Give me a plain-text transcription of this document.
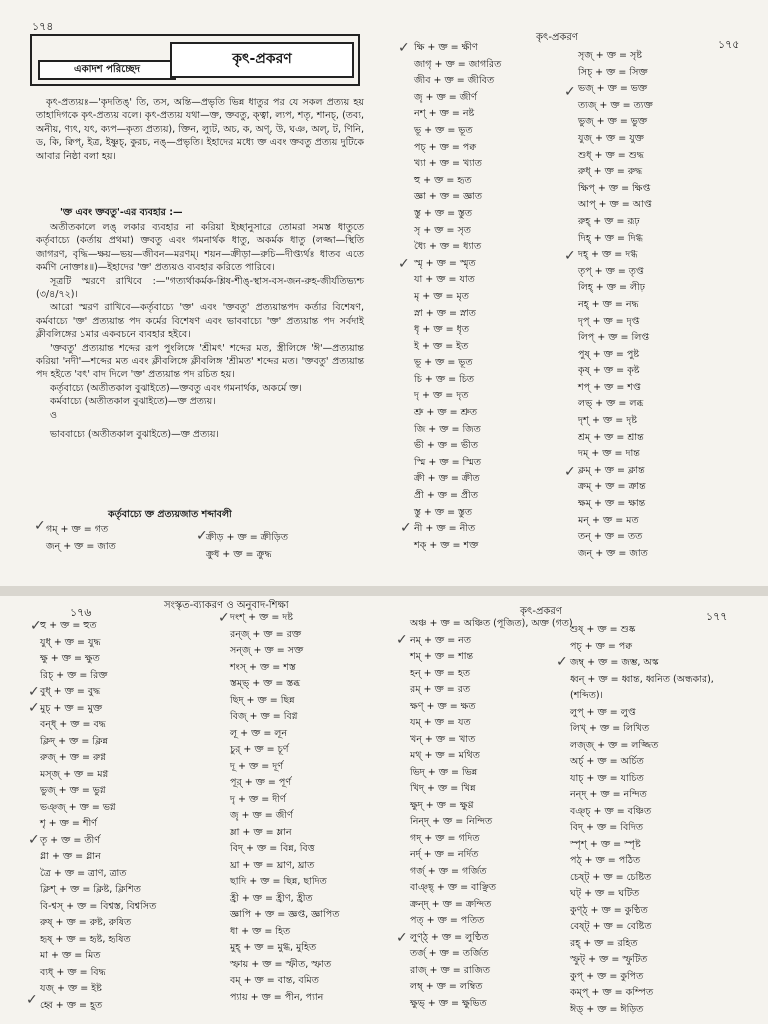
১৭৪
একাদশ পরিচ্ছেদ
কৃৎ-প্রকরণ

কৃৎ-প্রত্যয়ঃ—'কৃদতিঙ্' তি, তস, অন্তি—প্রভৃতি ভিন্ন ধাতুর পর যে সকল প্রত্যয় হয় তাহাদিগকে কৃৎ-প্রত্যয় বলে। কৃৎ-প্রত্যয় যথা—ক্ত, ক্তবতু, ক্ত্বা, ল্যপ, শতৃ, শানচ্, (তব্য, অনীয়, ণ্যৎ, যৎ, ক্যপ—কৃত্য প্রত্যয়), ক্তিন, ল্যুট, অচ, ক, অণ্, উ, ঘঞ, অল্, ট, ণিনি, ড, কি, ক্বিপ্, ইত্র, ইষ্ণুচ্, কুরচ, নঙ্—প্রভৃতি। ইহাদের মধ্যে ক্ত এবং ক্তবতু প্রত্যয় দুটিকে আবার নিষ্ঠা বলা হয়।

'ক্ত এবং ক্তবতু'-এর ব্যবহার :—

অতীতকালে লঙ্ লকার ব্যবহার না করিয়া ইচ্ছানুসারে তোমরা সমস্ত ধাতুতে কর্তৃবাচ্যে (কর্তায় প্রথমা) ক্তবতু এবং গমনার্থক ধাতু, অকর্মক ধাতু (লজ্জা—স্থিতি জাগরণ, বৃদ্ধি—ক্ষয়—ভয়—জীবন—মরণম্। শয়ন—ক্রীড়া—রুচি—দীপ্ত্যর্থঃ ধাতব এতে কর্মণি নোক্তাঃ॥)—ইহাদের 'ক্ত' প্রত্যয়ও ব্যবহার করিতে পারিবে।

সূত্রটি স্মরণে রাখিবে :—"গত্যর্থাকর্মক-শ্লিষ-শীঙ্-স্থাস-বস-জন-রুহ-জীর্যতিভ্যশ্চ (৩/৪/৭২)।

আরো স্মরণ রাখিবে—কর্তৃবাচ্যে 'ক্ত' এবং 'ক্তবতু' প্রত্যয়ান্তপদ কর্তার বিশেষণ, কর্মবাচ্যে 'ক্ত' প্রত্যয়ান্ত পদ কর্মের বিশেষণ এবং ভাববাচ্যে 'ক্ত' প্রত্যয়ান্ত পদ সর্বদাই ক্লীবলিঙ্গের ১মার একবচনে ব্যবহার হইবে।

'ক্তবতু' প্রত্যয়ান্ত শব্দের রূপ পুংলিঙ্গে 'শ্রীমৎ' শব্দের মত, স্ত্রীলিঙ্গে 'ঈ'—প্রত্যয়ান্ত করিয়া 'নদী'—শব্দের মত এবং ক্লীবলিঙ্গে ক্লীবলিঙ্গ 'শ্রীমত' শব্দের মত। 'ক্তবতু' প্রত্যয়ান্ত পদ হইতে 'বৎ' বাদ দিলে 'ক্ত' প্রত্যয়ান্ত পদ রচিত হয়।

কর্তৃবাচ্যে (অতীতকাল বুঝাইতে)—ক্তবতু এবং গমনার্থক, অকর্মে ক্ত।

কর্মবাচ্যে (অতীতকাল বুঝাইতে)—ক্ত প্রত্যয়।

ও

ভাববাচ্যে (অতীতকাল বুঝাইতে)—ক্ত প্রত্যয়।

কর্তৃবাচ্যে ক্ত প্রত্যয়জাত শব্দাবলী
গম্ + ক্ত = গত
জন্ + ক্ত = জাত
ক্রীড় + ক্ত = ক্রীড়িত
ক্রুধ + ক্ত = ক্রুদ্ধ
✓
✓
কৃৎ-প্রকরণ
১৭৫
ক্ষি + ক্ত = ক্ষীণ
জাগৃ + ক্ত = জাগরিত
জীব + ক্ত = জীবিত
জৄ + ক্ত = জীর্ণ
নশ্ + ক্ত = নষ্ট
ভূ + ক্ত = ভূত
পচ্ + ক্ত = পক্ব
খ্যা + ক্ত = খ্যাত
হু + ক্ত = হৃত
জ্ঞা + ক্ত = জ্ঞাত
স্তু + ক্ত = স্তুত
সৃ + ক্ত = সৃত
ধ্যৈ + ক্ত = ধ্যাত
স্মৃ + ক্ত = স্মৃত
যা + ক্ত = যাত
মৃ + ক্ত = মৃত
স্না + ক্ত = স্নাত
ধৃ + ক্ত = ধৃত
ই + ক্ত = ইত
ভূ + ক্ত = ভূত
চি + ক্ত = চিত
দৃ + ক্ত = দৃত
শ্রু + ক্ত = শ্রুত
জি + ক্ত = জিত
ভী + ক্ত = ভীত
স্মি + ক্ত = স্মিত
ক্রী + ক্ত = ক্রীত
প্রী + ক্ত = প্রীত
স্তু + ক্ত = স্তুত
নী + ক্ত = নীত
শক্ + ক্ত = শক্ত
সৃজ্ + ক্ত = সৃষ্ট
সিচ্ + ক্ত = সিক্ত
ভজ্ + ক্ত = ভক্ত
ত্যজ্ + ক্ত = ত্যক্ত
ভুজ্ + ক্ত = ভুক্ত
যুজ্ + ক্ত = যুক্ত
শুধ্ + ক্ত = শুদ্ধ
রুধ্ + ক্ত = রুদ্ধ
ক্ষিপ্ + ক্ত = ক্ষিপ্ত
আপ্ + ক্ত = আপ্ত
রুহ্ + ক্ত = রূঢ়
দিহ্ + ক্ত = দিগ্ধ
দহ্ + ক্ত = দগ্ধ
তৃপ্ + ক্ত = তৃপ্ত
লিহ্ + ক্ত = লীঢ়
নহ্ + ক্ত = নদ্ধ
দৃপ্ + ক্ত = দৃপ্ত
লিপ্ + ক্ত = লিপ্ত
পুষ্ + ক্ত = পুষ্ট
কৃষ্ + ক্ত = কৃষ্ট
শপ্ + ক্ত = শপ্ত
লভ্ + ক্ত = লব্ধ
দৃশ্ + ক্ত = দৃষ্ট
শ্রম্ + ক্ত = শ্রান্ত
দম্ + ক্ত = দান্ত
ক্লম্ + ক্ত = ক্লান্ত
ক্রম্ + ক্ত = ক্রান্ত
ক্ষম্ + ক্ত = ক্ষান্ত
মন্ + ক্ত = মত
তন্ + ক্ত = তত
জন্ + ক্ত = জাত
✓
✓
✓
✓
✓
✓
১৭৬
সংস্কৃত-ব্যাকরণ ও অনুবাদ-শিক্ষা
হু + ক্ত = হুত
যুধ্ + ক্ত = যুদ্ধ
ক্ষু + ক্ত = ক্ষুত
রিচ্ + ক্ত = রিক্ত
বুধ্ + ক্ত = বুদ্ধ
মুচ্ + ক্ত = মুক্ত
বন্ধ্ + ক্ত = বদ্ধ
ক্লিদ্ + ক্ত = ক্লিন্ন
রুজ্ + ক্ত = রুগ্ন
মস্জ্ + ক্ত = মগ্ন
ভুজ্ + ক্ত = ভুগ্ন
ভঞ্জ্ + ক্ত = ভগ্ন
শৄ + ক্ত = শীর্ণ
তৄ + ক্ত = তীর্ণ
গ্লা + ক্ত = গ্লান
ত্রৈ + ক্ত = ত্রাণ, ত্রাত
ক্লিশ্ + ক্ত = ক্লিষ্ট, ক্লিশিত
বি-শ্বস্ + ক্ত = বিশ্বস্ত, বিশ্বসিত
রুষ্ + ক্ত = রুষ্ট, রুষিত
হৃষ্ + ক্ত = হৃষ্ট, হৃষিত
মা + ক্ত = মিত
ব্যধ্ + ক্ত = বিদ্ধ
যজ্ + ক্ত = ইষ্ট
হ্বে + ক্ত = হূত
দংশ্ + ক্ত = দষ্ট
রন্জ্ + ক্ত = রক্ত
সন্জ্ + ক্ত = সক্ত
শংস্ + ক্ত = শস্ত
স্তম্ভ্ + ক্ত = স্তব্ধ
ছিদ্ + ক্ত = ছিন্ন
বিজ্ + ক্ত = বিগ্ন
লূ + ক্ত = লূন
চুর্ + ক্ত = চূর্ণ
দূ + ক্ত = দূর্ণ
পূর্ + ক্ত = পূর্ণ
দৄ + ক্ত = দীর্ণ
জৄ + ক্ত = জীর্ণ
ম্লা + ক্ত = ম্লান
বিদ্ + ক্ত = বিন্ন, বিত্ত
ঘ্রা + ক্ত = ঘ্রাণ, ঘ্রাত
ছাদি + ক্ত = ছিন্ন, ছাদিত
হ্রী + ক্ত = হ্রীণ, হ্রীত
জ্ঞাপি + ক্ত = জ্ঞপ্ত, জ্ঞাপিত
ধা + ক্ত = হিত
মুহ্ + ক্ত = মুগ্ধ, মুহিত
স্ফায় + ক্ত = স্ফীত, স্ফাত
বম্ + ক্ত = বান্ত, বমিত
প্যায় + ক্ত = পীন, প্যান
✓
✓
✓
✓
✓
✓	কৃৎ-প্রকরণ	১৭৭
অঞ্চ + ক্ত = অঞ্চিত (পূজিত), অক্ত (গত)
নম্ + ক্ত = নত
শম্ + ক্ত = শান্ত
হন্ + ক্ত = হত
রম্ + ক্ত = রত
ক্ষণ্ + ক্ত = ক্ষত
যম্ + ক্ত = যত
খন্ + ক্ত = খাত
মথ্ + ক্ত = মথিত
ভিদ্ + ক্ত = ভিন্ন
খিদ্ + ক্ত = খিন্ন
ক্ষুদ্ + ক্ত = ক্ষুণ্ণ
নিন্দ্ + ক্ত = নিন্দিত
গদ্ + ক্ত = গদিত
নর্দ্ + ক্ত = নর্দিত
গর্জ্ + ক্ত = গর্জিত
বাঞ্ছ্ + ক্ত = বাঞ্ছিত
ক্রন্দ্ + ক্ত = ক্রন্দিত
পত্ + ক্ত = পতিত
লুণ্ঠ্ + ক্ত = লুণ্ঠিত
তর্জ্ + ক্ত = তর্জিত
রাজ্ + ক্ত = রাজিত
লম্ব্ + ক্ত = লম্বিত
ক্ষুভ্ + ক্ত = ক্ষুভিত
শুষ্ + ক্ত = শুষ্ক
পচ্ + ক্ত = পক্ব
জম্ব্ + ক্ত = জম্ভ, অস্ক
ধ্বন্ + ক্ত = ধ্বান্ত, ধ্বনিত (অন্ধকার),
(শব্দিত)।
লুপ্ + ক্ত = লুপ্ত
লিখ্ + ক্ত = লিখিত
লজ্জ্ + ক্ত = লজ্জিত
অর্চ্ + ক্ত = অর্চিত
যাচ্ + ক্ত = যাচিত
নন্দ্ + ক্ত = নন্দিত
বঞ্চ্ + ক্ত = বঞ্চিত
বিদ্ + ক্ত = বিদিত
স্পৃশ্ + ক্ত = স্পৃষ্ট
পঠ্ + ক্ত = পঠিত
চেষ্ট্ + ক্ত = চেষ্টিত
ঘট্ + ক্ত = ঘটিত
কুণ্ঠ্ + ক্ত = কুণ্ঠিত
বেষ্ট্ + ক্ত = বেষ্টিত
রহ্ + ক্ত = রহিত
স্ফুট্ + ক্ত = স্ফুটিত
কুপ্ + ক্ত = কুপিত
কম্প্ + ক্ত = কম্পিত
ঈড্ + ক্ত = ঈড়িত
✓
✓
✓
